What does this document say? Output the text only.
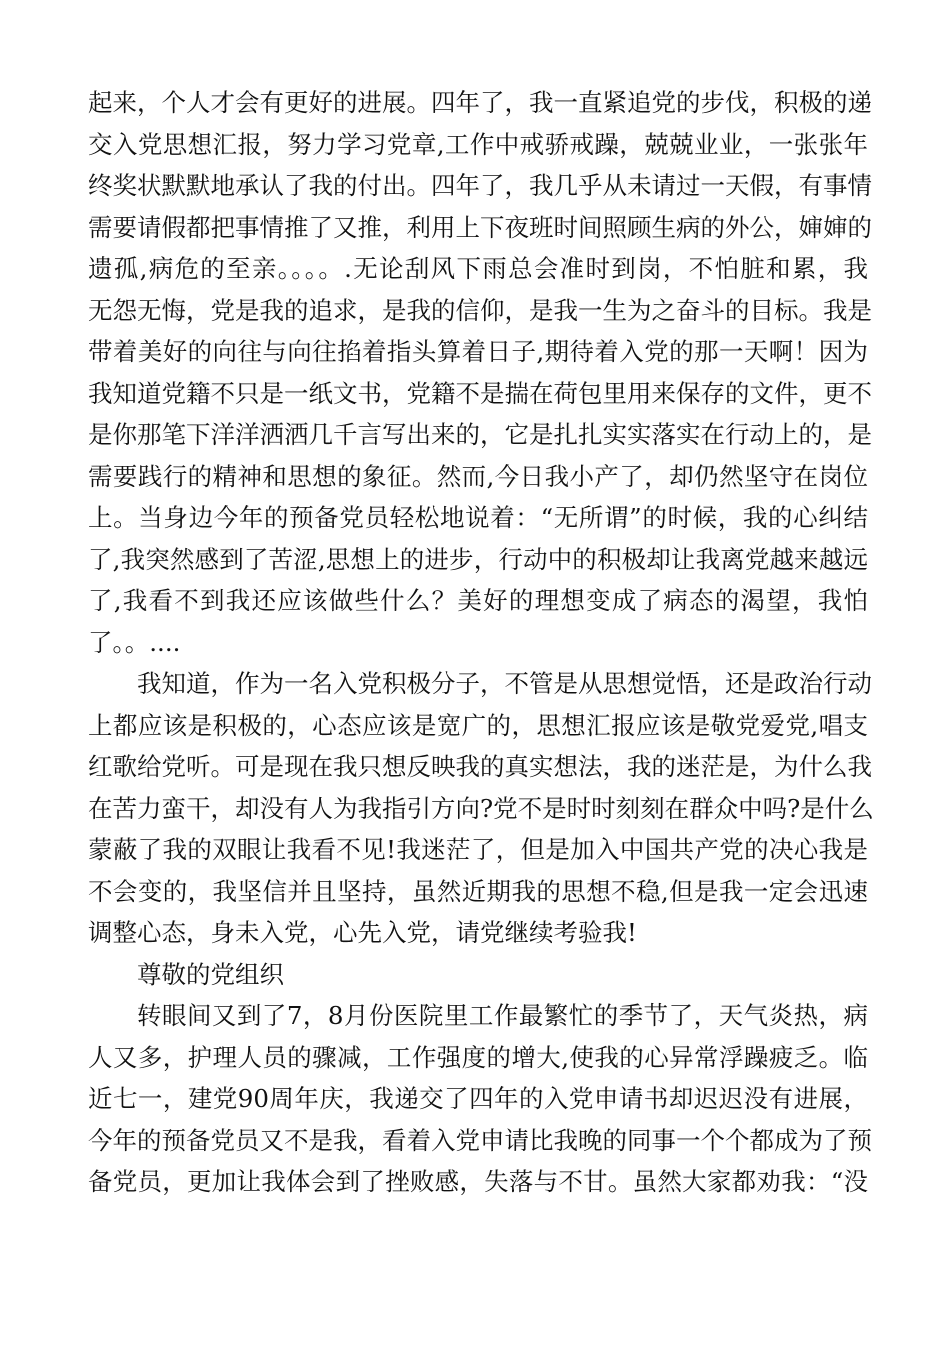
起来，个人才会有更好的进展。四年了，我一直紧追党的步伐，积极的递
交入党思想汇报，努力学习党章,工作中戒骄戒躁，兢兢业业，一张张年
终奖状默默地承认了我的付出。四年了，我几乎从未请过一天假，有事情
需要请假都把事情推了又推，利用上下夜班时间照顾生病的外公，婶婶的
遗孤,病危的至亲。。。。.无论刮风下雨总会准时到岗，不怕脏和累，我
无怨无悔，党是我的追求，是我的信仰，是我一生为之奋斗的目标。我是
带着美好的向往与向往掐着指头算着日子,期待着入党的那一天啊！因为
我知道党籍不只是一纸文书，党籍不是揣在荷包里用来保存的文件，更不
是你那笔下洋洋洒洒几千言写出来的，它是扎扎实实落实在行动上的，是
需要践行的精神和思想的象征。然而,今日我小产了，却仍然坚守在岗位
上。当身边今年的预备党员轻松地说着：“无所谓”的时候，我的心纠结
了,我突然感到了苦涩,思想上的进步，行动中的积极却让我离党越来越远
了,我看不到我还应该做些什么？美好的理想变成了病态的渴望，我怕
了。。....
我知道，作为一名入党积极分子，不管是从思想觉悟，还是政治行动
上都应该是积极的，心态应该是宽广的，思想汇报应该是敬党爱党,唱支
红歌给党听。可是现在我只想反映我的真实想法，我的迷茫是，为什么我
在苦力蛮干，却没有人为我指引方向?党不是时时刻刻在群众中吗?是什么
蒙蔽了我的双眼让我看不见!我迷茫了，但是加入中国共产党的决心我是
不会变的，我坚信并且坚持，虽然近期我的思想不稳,但是我一定会迅速
调整心态，身未入党，心先入党，请党继续考验我!
尊敬的党组织
转眼间又到了7，8月份医院里工作最繁忙的季节了，天气炎热，病
人又多，护理人员的骤减，工作强度的增大,使我的心异常浮躁疲乏。临
近七一，建党90周年庆，我递交了四年的入党申请书却迟迟没有进展，
今年的预备党员又不是我，看着入党申请比我晚的同事一个个都成为了预
备党员，更加让我体会到了挫败感，失落与不甘。虽然大家都劝我：“没
